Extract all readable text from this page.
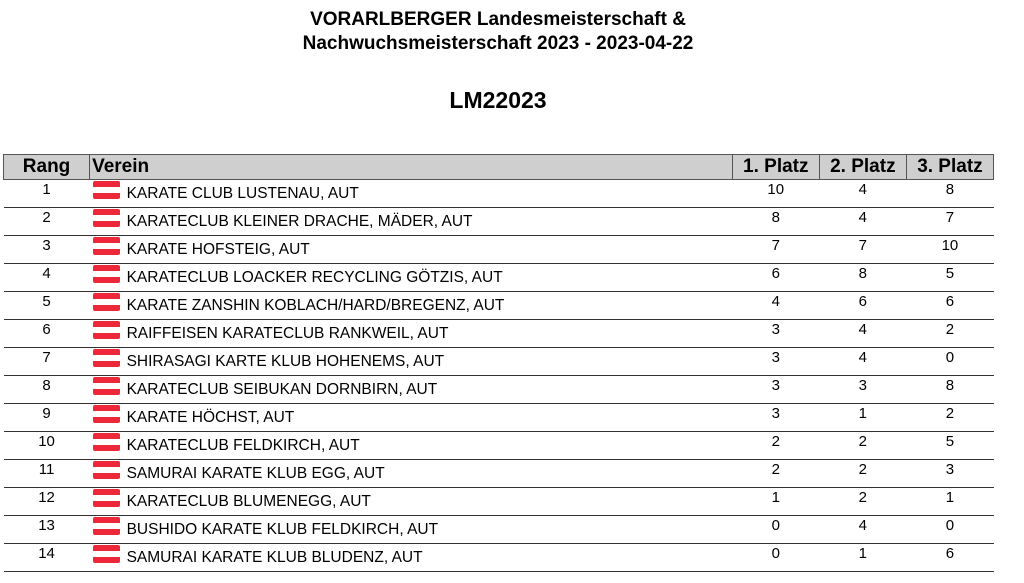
VORARLBERGER Landesmeisterschaft &
Nachwuchsmeisterschaft 2023 - 2023-04-22
LM22023
Rang	Verein	1. Platz	2. Platz	3. Platz
1	KARATE CLUB LUSTENAU, AUT	10	4	8
2	KARATECLUB KLEINER DRACHE, MÄDER, AUT	8	4	7
3	KARATE HOFSTEIG, AUT	7	7	10
4	KARATECLUB LOACKER RECYCLING GÖTZIS, AUT	6	8	5
5	KARATE ZANSHIN KOBLACH/HARD/BREGENZ, AUT	4	6	6
6	RAIFFEISEN KARATECLUB RANKWEIL, AUT	3	4	2
7	SHIRASAGI KARTE KLUB HOHENEMS, AUT	3	4	0
8	KARATECLUB SEIBUKAN DORNBIRN, AUT	3	3	8
9	KARATE HÖCHST, AUT	3	1	2
10	KARATECLUB FELDKIRCH, AUT	2	2	5
11	SAMURAI KARATE KLUB EGG, AUT	2	2	3
12	KARATECLUB BLUMENEGG, AUT	1	2	1
13	BUSHIDO KARATE KLUB FELDKIRCH, AUT	0	4	0
14	SAMURAI KARATE KLUB BLUDENZ, AUT	0	1	6
